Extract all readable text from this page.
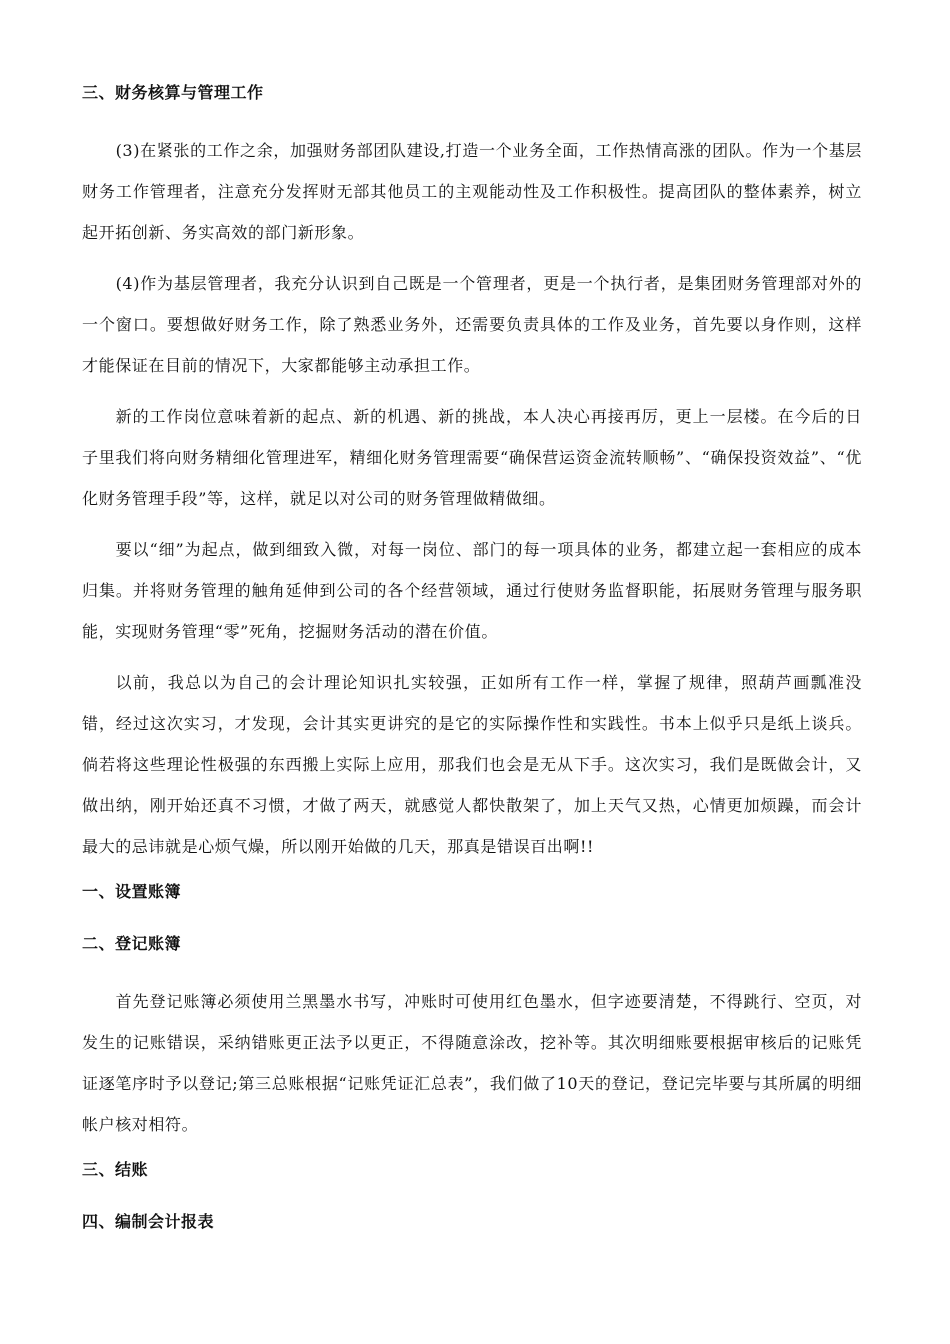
三、财务核算与管理工作

(3)在紧张的工作之余，加强财务部团队建设,打造一个业务全面，工作热情高涨的团队。作为一个基层财务工作管理者，注意充分发挥财无部其他员工的主观能动性及工作积极性。提高团队的整体素养，树立起开拓创新、务实高效的部门新形象。

(4)作为基层管理者，我充分认识到自己既是一个管理者，更是一个执行者，是集团财务管理部对外的一个窗口。要想做好财务工作，除了熟悉业务外，还需要负责具体的工作及业务，首先要以身作则，这样才能保证在目前的情况下，大家都能够主动承担工作。

新的工作岗位意味着新的起点、新的机遇、新的挑战，本人决心再接再厉，更上一层楼。在今后的日子里我们将向财务精细化管理进军，精细化财务管理需要“确保营运资金流转顺畅”、“确保投资效益”、“优化财务管理手段”等，这样，就足以对公司的财务管理做精做细。

要以“细”为起点，做到细致入微，对每一岗位、部门的每一项具体的业务，都建立起一套相应的成本归集。并将财务管理的触角延伸到公司的各个经营领域，通过行使财务监督职能，拓展财务管理与服务职能，实现财务管理“零”死角，挖掘财务活动的潜在价值。

以前，我总以为自己的会计理论知识扎实较强，正如所有工作一样，掌握了规律，照葫芦画瓢准没错，经过这次实习，才发现，会计其实更讲究的是它的实际操作性和实践性。书本上似乎只是纸上谈兵。倘若将这些理论性极强的东西搬上实际上应用，那我们也会是无从下手。这次实习，我们是既做会计，又做出纳，刚开始还真不习惯，才做了两天，就感觉人都快散架了，加上天气又热，心情更加烦躁，而会计最大的忌讳就是心烦气燥，所以刚开始做的几天，那真是错误百出啊!!

一、设置账簿
二、登记账簿

首先登记账簿必须使用兰黑墨水书写，冲账时可使用红色墨水，但字迹要清楚，不得跳行、空页，对发生的记账错误，采纳错账更正法予以更正，不得随意涂改，挖补等。其次明细账要根据审核后的记账凭证逐笔序时予以登记;第三总账根据“记账凭证汇总表”，我们做了10天的登记，登记完毕要与其所属的明细帐户核对相符。

三、结账
四、编制会计报表
